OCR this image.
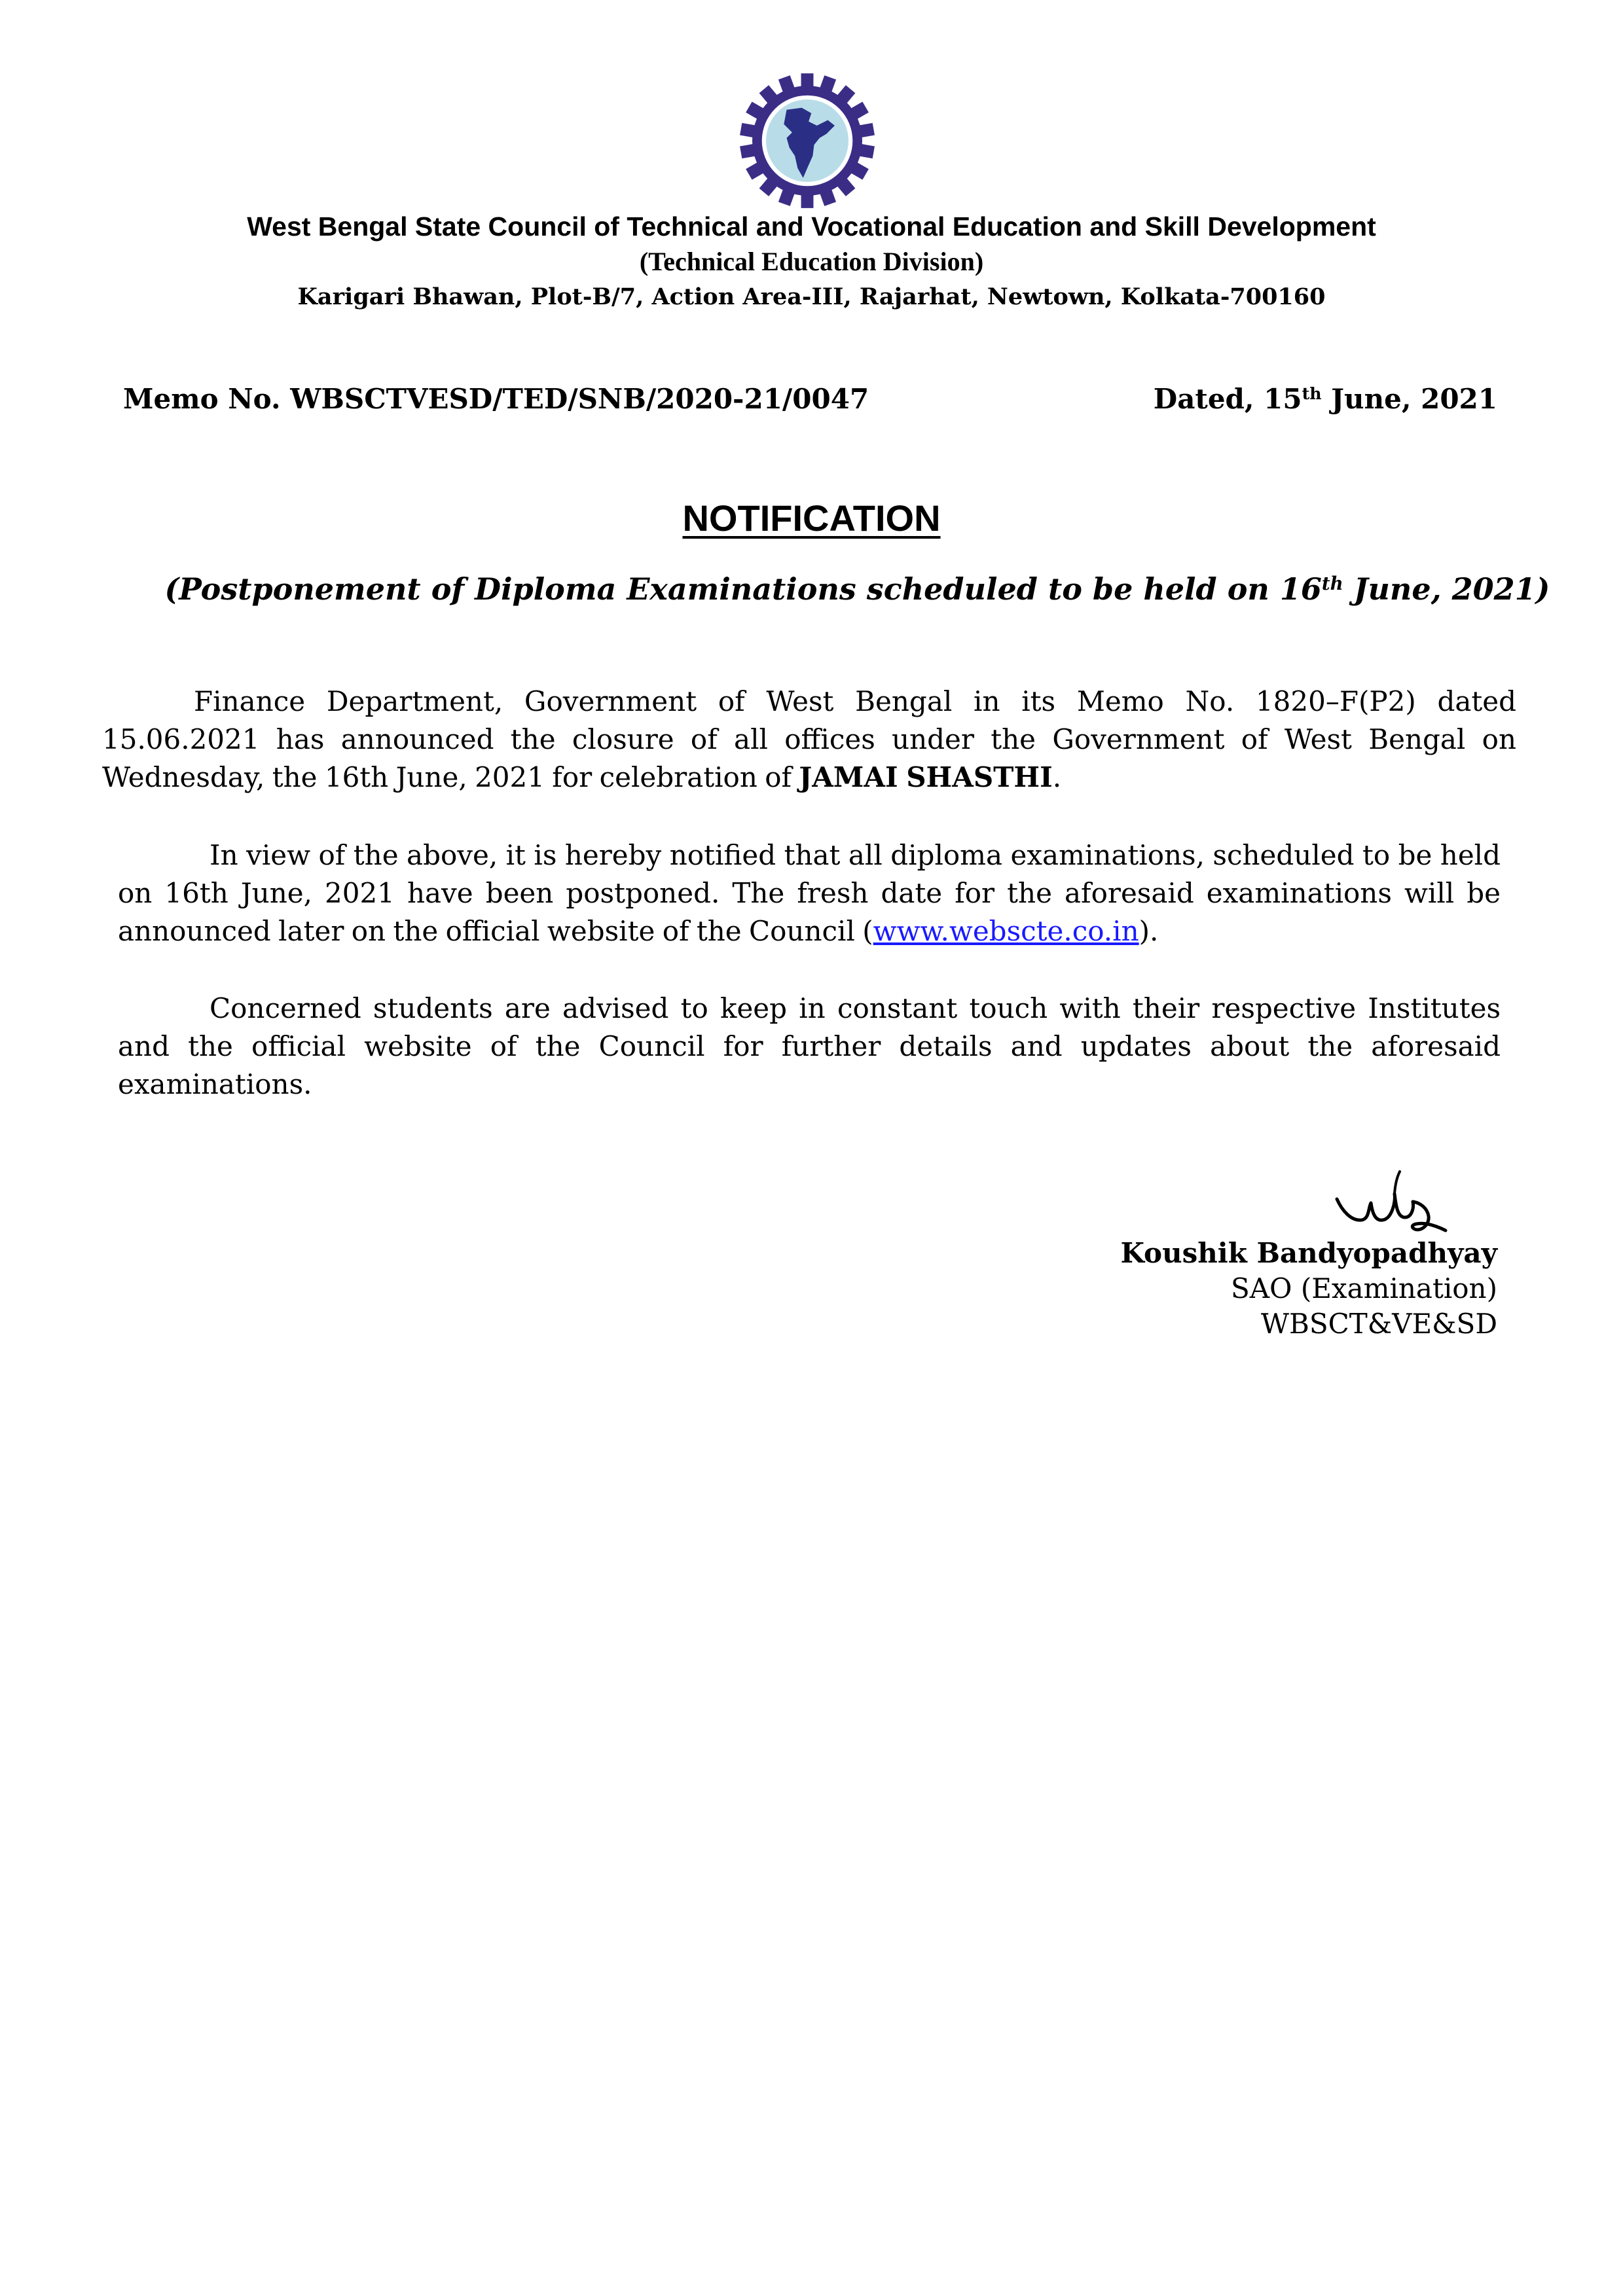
West Bengal State Council of Technical and Vocational Education and Skill Development
(Technical Education Division)
Karigari Bhawan, Plot-B/7, Action Area-III, Rajarhat, Newtown, Kolkata-700160
Memo No. WBSCTVESD/TED/SNB/2020-21/0047	Dated, 15th June, 2021
NOTIFICATION
(Postponement of Diploma Examinations scheduled to be held on 16th June, 2021)
Finance Department, Government of West Bengal in its Memo No. 1820–F(P2) dated 15.06.2021 has announced the closure of all offices under the Government of West Bengal on Wednesday, the 16th June, 2021 for celebration of JAMAI SHASTHI.
In view of the above, it is hereby notified that all diploma examinations, scheduled to be held on 16th June, 2021 have been postponed. The fresh date for the aforesaid examinations will be announced later on the official website of the Council (www.webscte.co.in).
Concerned students are advised to keep in constant touch with their respective Institutes and the official website of the Council for further details and updates about the aforesaid examinations.
Koushik Bandyopadhyay
SAO (Examination)
WBSCT&VE&SD
